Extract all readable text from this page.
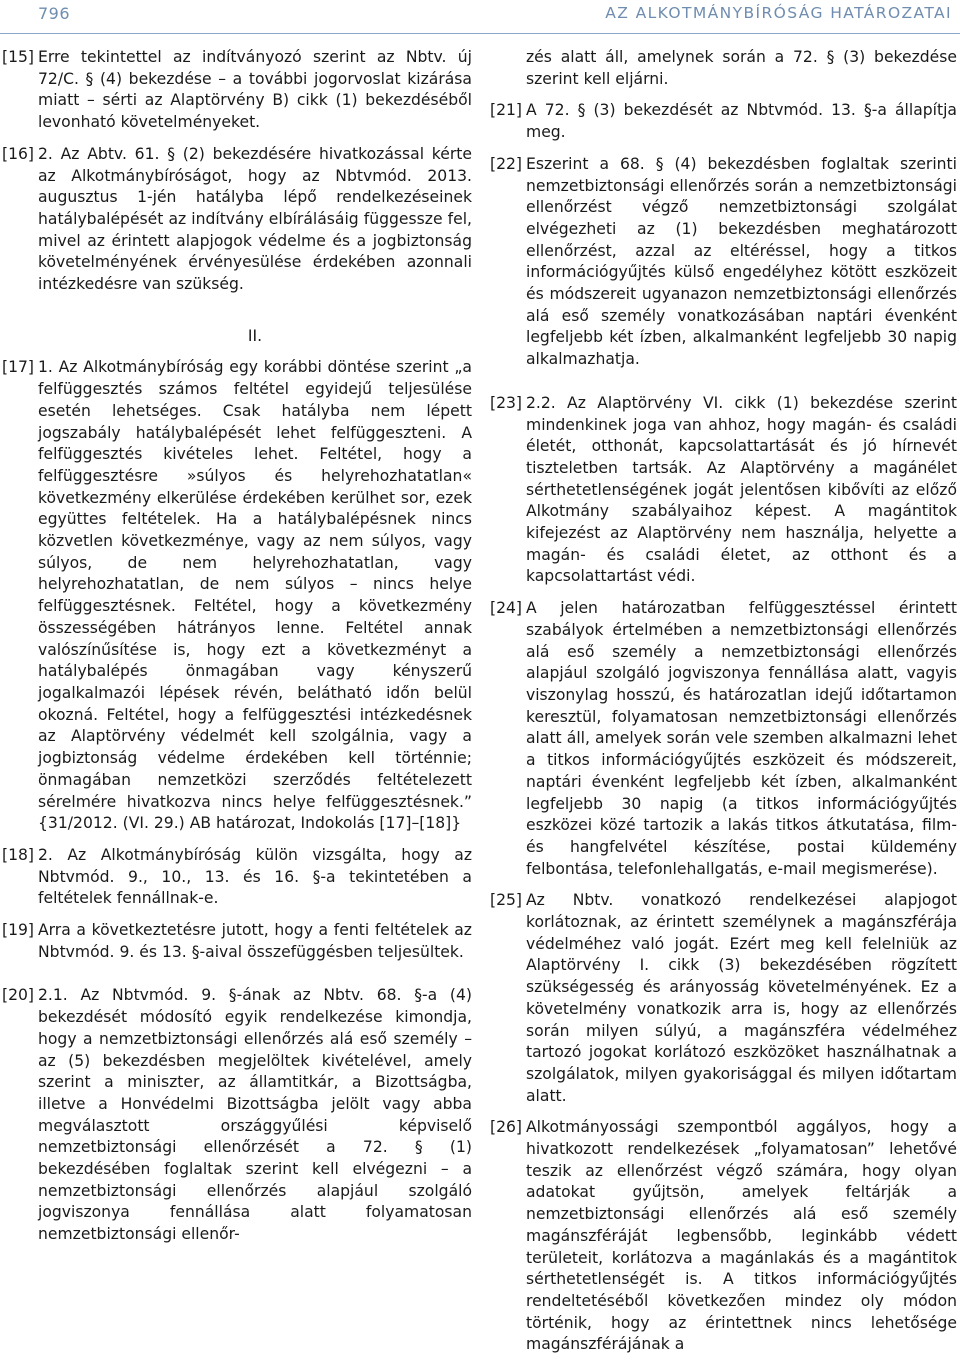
796	AZ ALKOTMÁNYBÍRÓSÁG HATÁROZATAI

[15] Erre tekintettel az indítványozó szerint az Nbtv. új 72/C. § (4) bekezdése – a további jogorvoslat kizárása miatt – sérti az Alaptörvény B) cikk (1) bekezdéséből levonható követelményeket.

[16] 2. Az Abtv. 61. § (2) bekezdésére hivatkozással kérte az Alkotmánybíróságot, hogy az Nbtvmód. 2013. augusztus 1-jén hatályba lépő rendelkezéseinek hatálybalépését az indítvány elbírálásáig függessze fel, mivel az érintett alapjogok védelme és a jogbiztonság követelményének érvényesülése érdekében azonnali intézkedésre van szükség.

II.

[17] 1. Az Alkotmánybíróság egy korábbi döntése szerint „a felfüggesztés számos feltétel egyidejű teljesülése esetén lehetséges. Csak hatályba nem lépett jogszabály hatálybalépését lehet felfüggeszteni. A felfüggesztés kivételes lehet. Feltétel, hogy a felfüggesztésre »súlyos és helyrehozhatatlan« következmény elkerülése érdekében kerülhet sor, ezek együttes feltételek. Ha a hatálybalépésnek nincs közvetlen következménye, vagy az nem súlyos, vagy súlyos, de nem helyrehozhatatlan, vagy helyrehozhatatlan, de nem súlyos – nincs helye felfüggesztésnek. Feltétel, hogy a következmény összességében hátrányos lenne. Feltétel annak valószínűsítése is, hogy ezt a következményt a hatálybalépés önmagában vagy kényszerű jogalkalmazói lépések révén, belátható időn belül okozná. Feltétel, hogy a felfüggesztési intézkedésnek az Alaptörvény védelmét kell szolgálnia, vagy a jogbiztonság védelme érdekében kell történnie; önmagában nemzetközi szerződés feltételezett sérelmére hivatkozva nincs helye felfüggesztésnek.” {31/2012. (VI. 29.) AB határozat, Indokolás [17]–[18]}

[18] 2. Az Alkotmánybíróság külön vizsgálta, hogy az Nbtvmód. 9., 10., 13. és 16. §-a tekintetében a feltételek fennállnak-e.

[19] Arra a következtetésre jutott, hogy a fenti feltételek az Nbtvmód. 9. és 13. §-aival összefüggésben teljesültek.

[20] 2.1. Az Nbtvmód. 9. §-ának az Nbtv. 68. §-a (4) bekezdését módosító egyik rendelkezése kimondja, hogy a nemzetbiztonsági ellenőrzés alá eső személy – az (5) bekezdésben megjelöltek kivételével, amely szerint a miniszter, az államtitkár, a Bizottságba, illetve a Honvédelmi Bizottságba jelölt vagy abba megválasztott országgyűlési képviselő nemzetbiztonsági ellenőrzését a 72. § (1) bekezdésében foglaltak szerint kell elvégezni – a nemzetbiztonsági ellenőrzés alapjául szolgáló jogviszonya fennállása alatt folyamatosan nemzetbiztonsági ellenőr-

zés alatt áll, amelynek során a 72. § (3) bekezdése szerint kell eljárni.

[21] A 72. § (3) bekezdését az Nbtvmód. 13. §-a állapítja meg.

[22] Eszerint a 68. § (4) bekezdésben foglaltak szerinti nemzetbiztonsági ellenőrzés során a nemzetbiztonsági ellenőrzést végző nemzetbiztonsági szolgálat elvégezheti az (1) bekezdésben meghatározott ellenőrzést, azzal az eltéréssel, hogy a titkos információgyűjtés külső engedélyhez kötött eszközeit és módszereit ugyanazon nemzetbiztonsági ellenőrzés alá eső személy vonatkozásában naptári évenként legfeljebb két ízben, alkalmanként legfeljebb 30 napig alkalmazhatja.

[23] 2.2. Az Alaptörvény VI. cikk (1) bekezdése szerint mindenkinek joga van ahhoz, hogy magán- és családi életét, otthonát, kapcsolattartását és jó hírnevét tiszteletben tartsák. Az Alaptörvény a magánélet sérthetetlenségének jogát jelentősen kibővíti az előző Alkotmány szabályaihoz képest. A magántitok kifejezést az Alaptörvény nem használja, helyette a magán- és családi életet, az otthont és a kapcsolattartást védi.

[24] A jelen határozatban felfüggesztéssel érintett szabályok értelmében a nemzetbiztonsági ellenőrzés alá eső személy a nemzetbiztonsági ellenőrzés alapjául szolgáló jogviszonya fennállása alatt, vagyis viszonylag hosszú, és határozatlan idejű időtartamon keresztül, folyamatosan nemzetbiztonsági ellenőrzés alatt áll, amelyek során vele szemben alkalmazni lehet a titkos információgyűjtés eszközeit és módszereit, naptári évenként legfeljebb két ízben, alkalmanként legfeljebb 30 napig (a titkos információgyűjtés eszközei közé tartozik a lakás titkos átkutatása, film- és hangfelvétel készítése, postai küldemény felbontása, telefonlehallgatás, e-mail megismerése).

[25] Az Nbtv. vonatkozó rendelkezései alapjogot korlátoznak, az érintett személynek a magánszférája védelméhez való jogát. Ezért meg kell felelniük az Alaptörvény I. cikk (3) bekezdésében rögzített szükségesség és arányosság követelményének. Ez a követelmény vonatkozik arra is, hogy az ellenőrzés során milyen súlyú, a magánszféra védelméhez tartozó jogokat korlátozó eszközöket használhatnak a szolgálatok, milyen gyakorisággal és milyen időtartam alatt.

[26] Alkotmányossági szempontból aggályos, hogy a hivatkozott rendelkezések „folyamatosan” lehetővé teszik az ellenőrzést végző számára, hogy olyan adatokat gyűjtsön, amelyek feltárják a nemzetbiztonsági ellenőrzés alá eső személy magánszféráját legbensőbb, leginkább védett területeit, korlátozva a magánlakás és a magántitok sérthetetlenségét is. A titkos információgyűjtés rendeltetéséből következően mindez oly módon történik, hogy az érintettnek nincs lehetősége magánszférájának a
